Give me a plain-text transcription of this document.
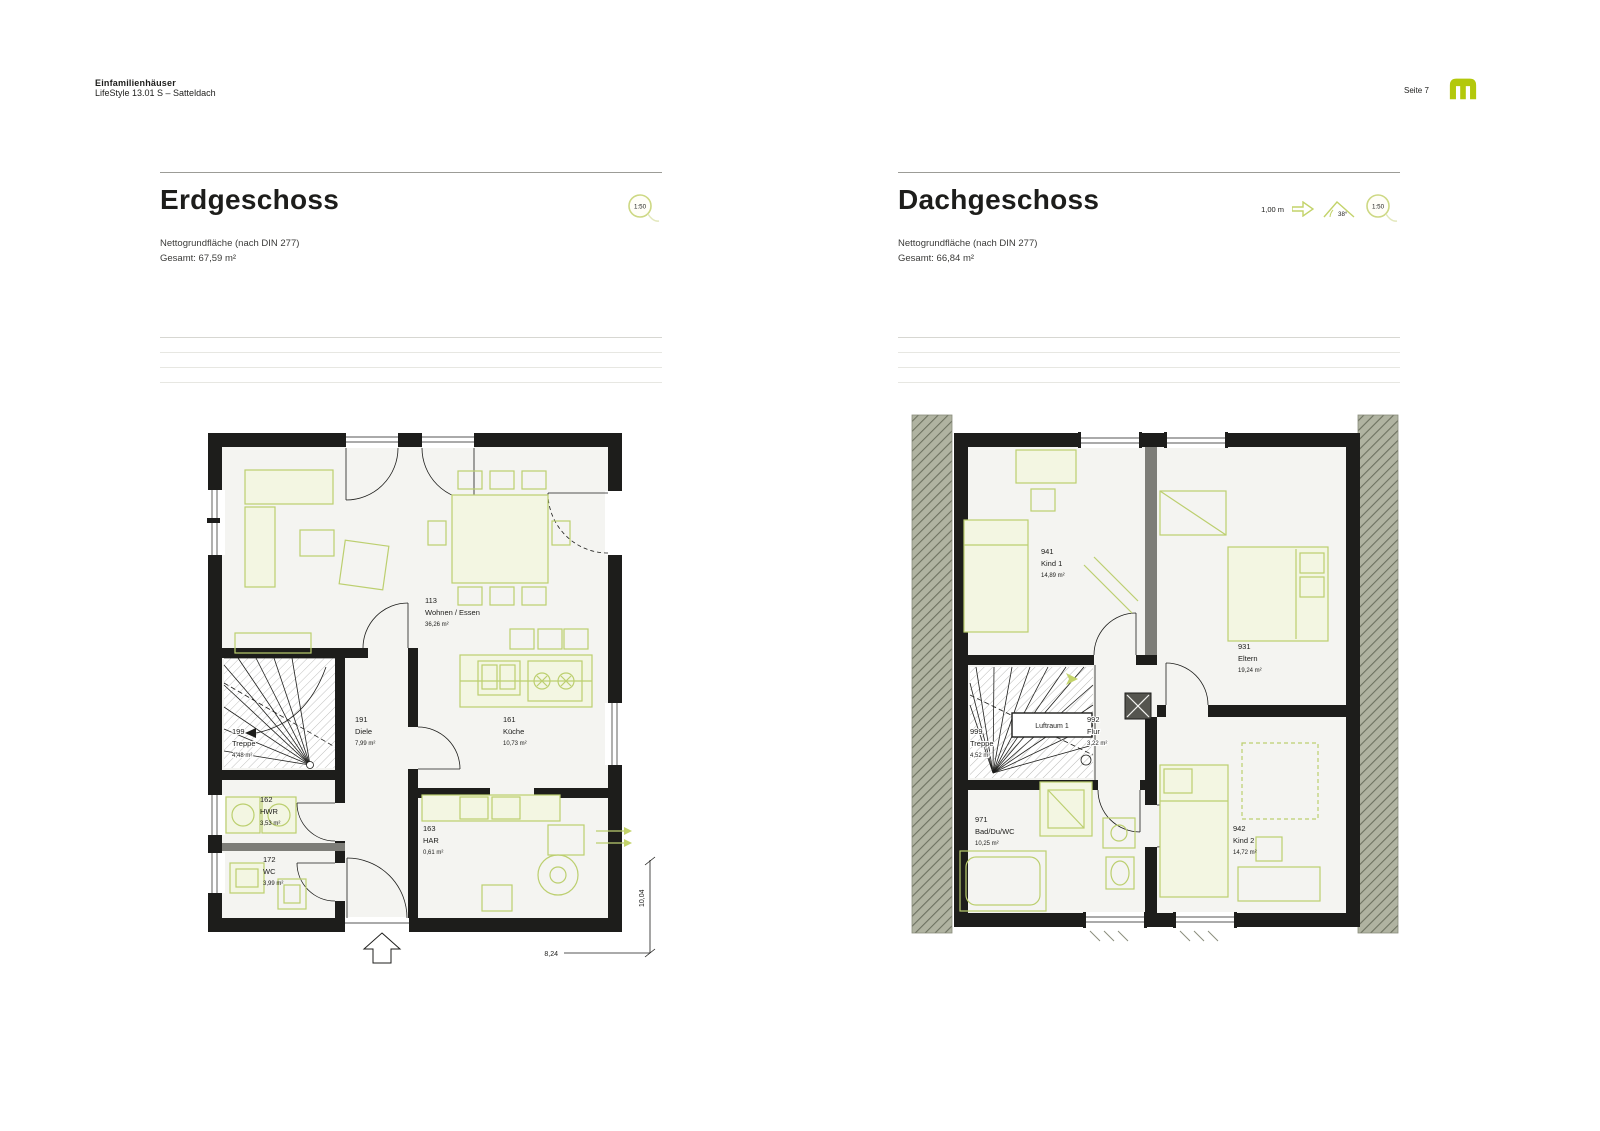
Einfamilienhäuser
LifeStyle 13.01 S – Satteldach	Seite 7
Erdgeschoss
Nettogrundfläche (nach DIN 277)
Gesamt: 67,59 m²
1:50
113
Wohnen / Essen
36,26 m²
191
Diele
7,99 m²
161
Küche
10,73 m²
199
Treppe
4,48 m²
162
HWR
3,53 m²
172
WC
3,99 m²
163
HAR
0,61 m²
8,24
10,04
Dachgeschoss
Nettogrundfläche (nach DIN 277)
Gesamt: 66,84 m²
1,00 m
38°
1:50
Luftraum 1
941
Kind 1
14,89 m²
931
Eltern
19,24 m²
992
Flur
3,22 m²
999
Treppe
4,52 m²
971
Bad/Du/WC
10,25 m²
942
Kind 2
14,72 m²
